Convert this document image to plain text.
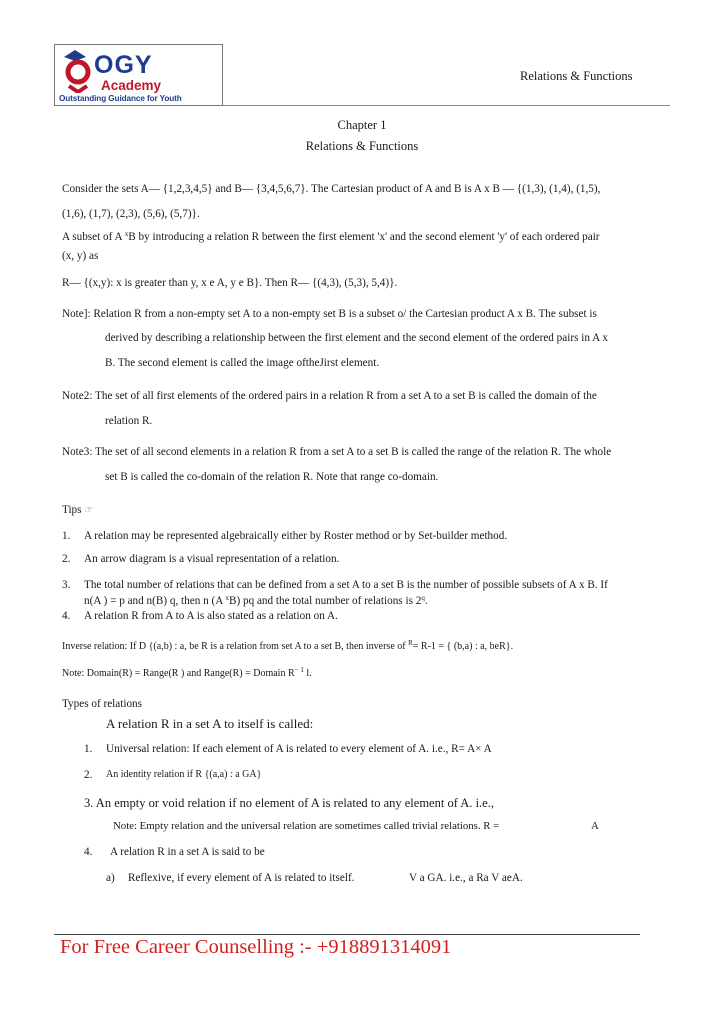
OGY
Academy
Outstanding Guidance for Youth
Relations & Functions
Chapter 1
Relations & Functions
Consider the sets A— {1,2,3,4,5} and B— {3,4,5,6,7}. The Cartesian product of A and B is A x B — {(1,3), (1,4), (1,5),
(1,6), (1,7), (2,3), (5,6), (5,7)}.
A subset of A $^x$B by introducing a relation R between the first element 'x' and the second element 'y' of each ordered pair
(x, y) as
R— {(x,y): x is greater than y, x e A, y e B}. Then R— {(4,3), (5,3), 5,4)}.
Note]: Relation R from a non-empty set A to a non-empty set B is a subset o/ the Cartesian product A x B. The subset is
derived by describing a relationship between the first element and the second element of the ordered pairs in A x
B. The second element is called the image oftheJirst element.
Note2: The set of all first elements of the ordered pairs in a relation R from a set A to a set B is called the domain of the
relation R.
Note3: The set of all second elements in a relation R from a set A to a set B is called the range of the relation R. The whole
set B is called the co-domain of the relation R. Note that range co-domain.
Tips ☞
1. A relation may be represented algebraically either by Roster method or by Set-builder method.
2. An arrow diagram is a visual representation of a relation.
3. The total number of relations that can be defined from a set A to a set B is the number of possible subsets of A x B. If
n(A ) = p and n(B) q, then n (A $^x$B) pq and the total number of relations is 2$^q$.
4. A relation R from A to A is also stated as a relation on A.
Inverse relation: If D {(a,b) : a, be R is a relation from set A to a set B, then inverse of $^R$= R-1 = { (b,a) : a, beR}.
Note: Domain(R) = Range(R ) and Range(R) = Domain $R^{- 1}$ l.
Types of relations
A relation R in a set A to itself is called:
1. Universal relation: If each element of A is related to every element of A. i.e., R= A× A
2. An identity relation if R {(a,a) : a GA}
3. An empty or void relation if no element of A is related to any element of A. i.e.,
Note: Empty relation and the universal relation are sometimes called trivial relations. R =	A
4. A relation R in a set A is said to be
a) Reflexive, if every element of A is related to itself.	V a GA. i.e., a Ra V aeA.
For Free Career Counselling :- +918891314091
